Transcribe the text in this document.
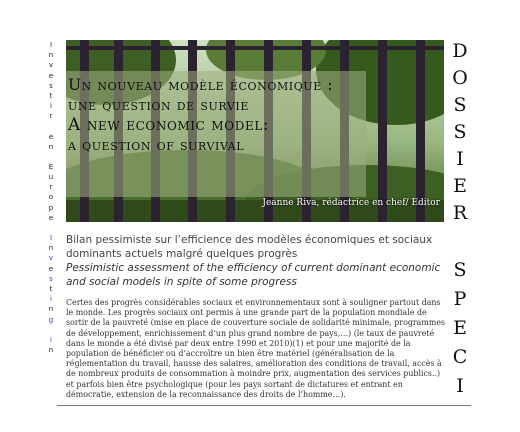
I
n
v
e
s
t
i
r
e
n
E
u
r
o
p
e
I
n
v
e
s
t
i
n
g
i
n
Un nouveau modèle économique :
une question de survie
A new economic model:
a question of survival
Jeanne Riva, rédactrice en chef/ Editor
D
O
S
S
I
E
R
S
P
E
C
I
Bilan pessimiste sur l’efficience des modèles économiques et sociaux dominants actuels malgré quelques progrès
Pessimistic assessment of the efficiency of current dominant economic and social models in spite of some progress
Certes des progrès considérables sociaux et environnementaux sont à souligner partout dans le monde. Les progrès sociaux ont permis à une grande part de la population mondiale de sortir de la pauvreté (mise en place de couverture sociale de solidarité minimale, programmes de développement, enrichissement d’un plus grand nombre de pays,…) (le taux de pauvreté dans le monde a été divisé par deux entre 1990 et 2010)(1) et pour une majorité de la population de bénéficier ou d’accroître un bien être matériel (généralisation de la réglementation du travail, hausse des salaires, amélioration des conditions de travail, accès à de nombreux produits de consommation à moindre prix, augmentation des services publics..) et parfois bien être psychologique (pour les pays sortant de dictatures et entrant en démocratie, extension de la reconnaissance des droits de l’homme…).
